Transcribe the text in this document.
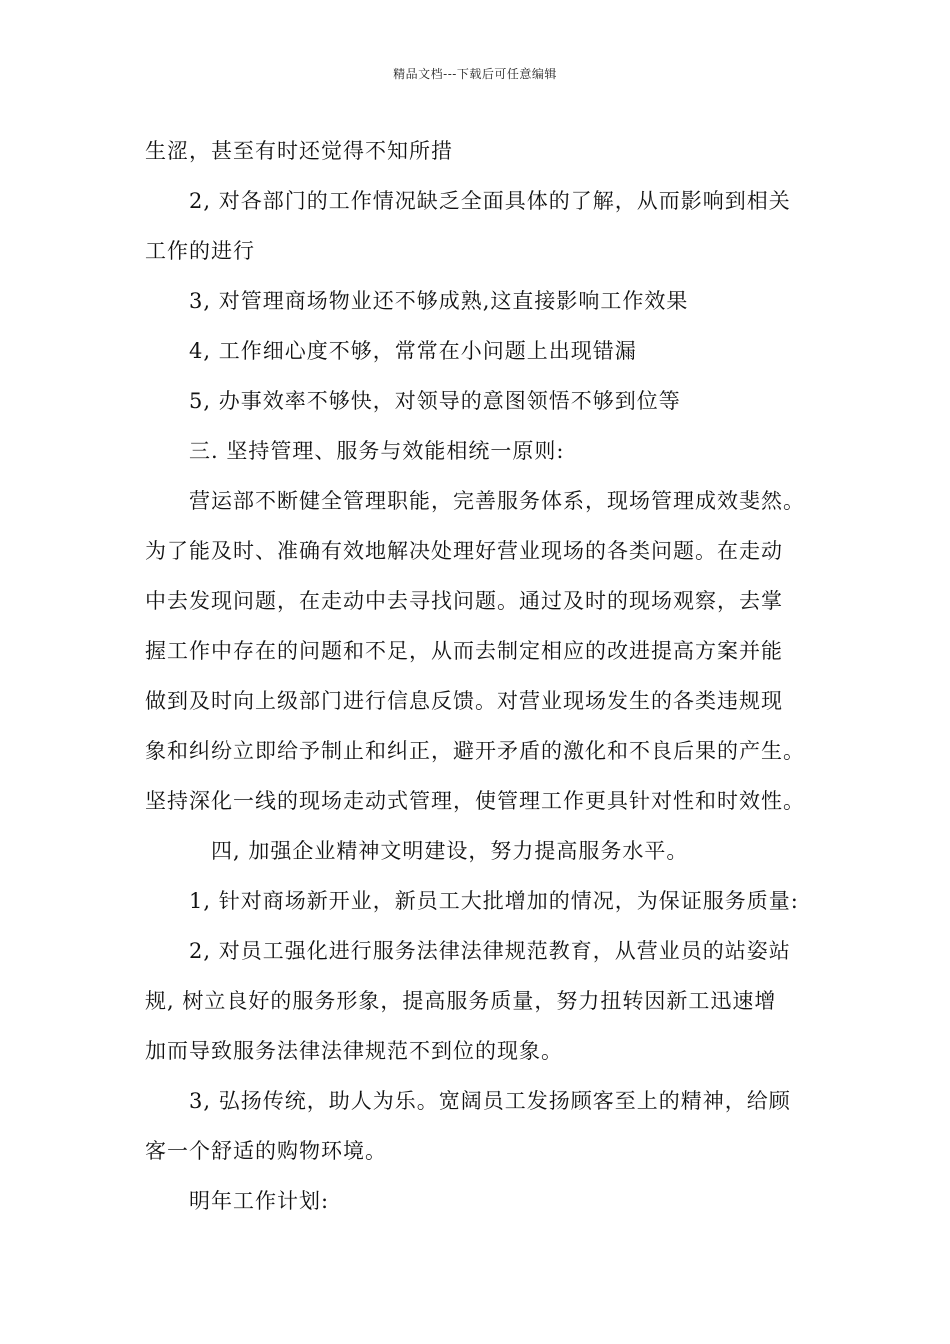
精品文档---下载后可任意编辑
生涩，甚至有时还觉得不知所措
2, 对各部门的工作情况缺乏全面具体的了解，从而影响到相关
工作的进行
3, 对管理商场物业还不够成熟,这直接影响工作效果
4, 工作细心度不够，常常在小问题上出现错漏
5, 办事效率不够快，对领导的意图领悟不够到位等
三. 坚持管理、服务与效能相统一原则:
营运部不断健全管理职能，完善服务体系，现场管理成效斐然。
为了能及时、准确有效地解决处理好营业现场的各类问题。在走动
中去发现问题，在走动中去寻找问题。通过及时的现场观察，去掌
握工作中存在的问题和不足，从而去制定相应的改进提高方案并能
做到及时向上级部门进行信息反馈。对营业现场发生的各类违规现
象和纠纷立即给予制止和纠正，避开矛盾的激化和不良后果的产生。
坚持深化一线的现场走动式管理，使管理工作更具针对性和时效性。
四, 加强企业精神文明建设，努力提高服务水平。
1, 针对商场新开业，新员工大批增加的情况，为保证服务质量:
2, 对员工强化进行服务法律法律规范教育，从营业员的站姿站
规, 树立良好的服务形象，提高服务质量，努力扭转因新工迅速增
加而导致服务法律法律规范不到位的现象。
3, 弘扬传统，助人为乐。宽阔员工发扬顾客至上的精神，给顾
客一个舒适的购物环境。
明年工作计划:
